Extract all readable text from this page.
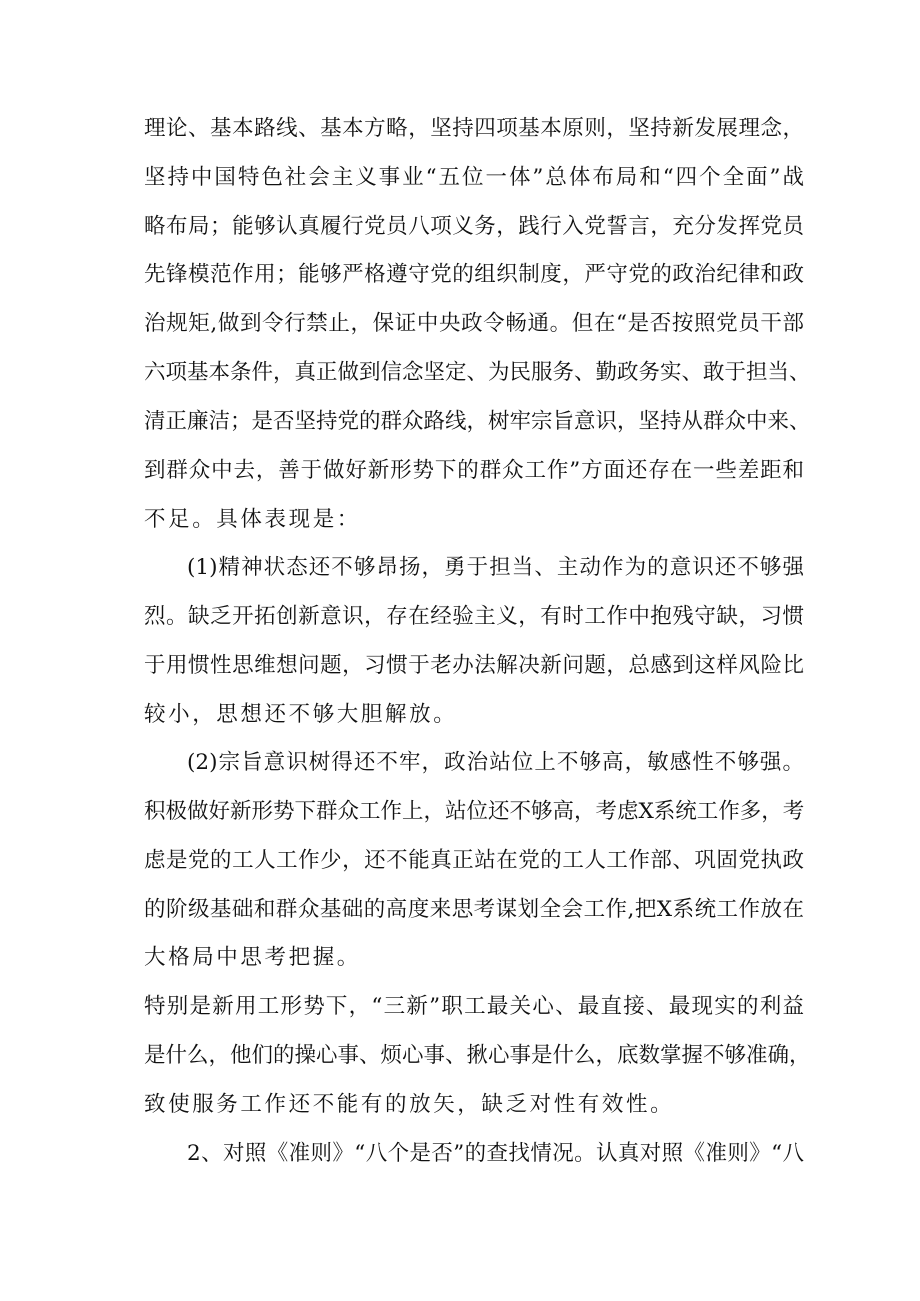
理论、基本路线、基本方略，坚持四项基本原则，坚持新发展理念，
坚持中国特色社会主义事业“五位一体”总体布局和“四个全面”战
略布局；能够认真履行党员八项义务，践行入党誓言，充分发挥党员
先锋模范作用；能够严格遵守党的组织制度，严守党的政治纪律和政
治规矩,做到令行禁止，保证中央政令畅通。但在“是否按照党员干部
六项基本条件，真正做到信念坚定、为民服务、勤政务实、敢于担当、
清正廉洁；是否坚持党的群众路线，树牢宗旨意识，坚持从群众中来、
到群众中去，善于做好新形势下的群众工作”方面还存在一些差距和
不足。具体表现是：
(1)精神状态还不够昂扬，勇于担当、主动作为的意识还不够强
烈。缺乏开拓创新意识，存在经验主义，有时工作中抱残守缺，习惯
于用惯性思维想问题，习惯于老办法解决新问题，总感到这样风险比
较小，思想还不够大胆解放。
(2)宗旨意识树得还不牢，政治站位上不够高，敏感性不够强。
积极做好新形势下群众工作上，站位还不够高，考虑X系统工作多，考
虑是党的工人工作少，还不能真正站在党的工人工作部、巩固党执政
的阶级基础和群众基础的高度来思考谋划全会工作,把X系统工作放在
大格局中思考把握。
特别是新用工形势下，“三新”职工最关心、最直接、最现实的利益
是什么，他们的操心事、烦心事、揪心事是什么，底数掌握不够准确，
致使服务工作还不能有的放矢，缺乏对性有效性。
2、对照《准则》“八个是否”的查找情况。认真对照《准则》“八
